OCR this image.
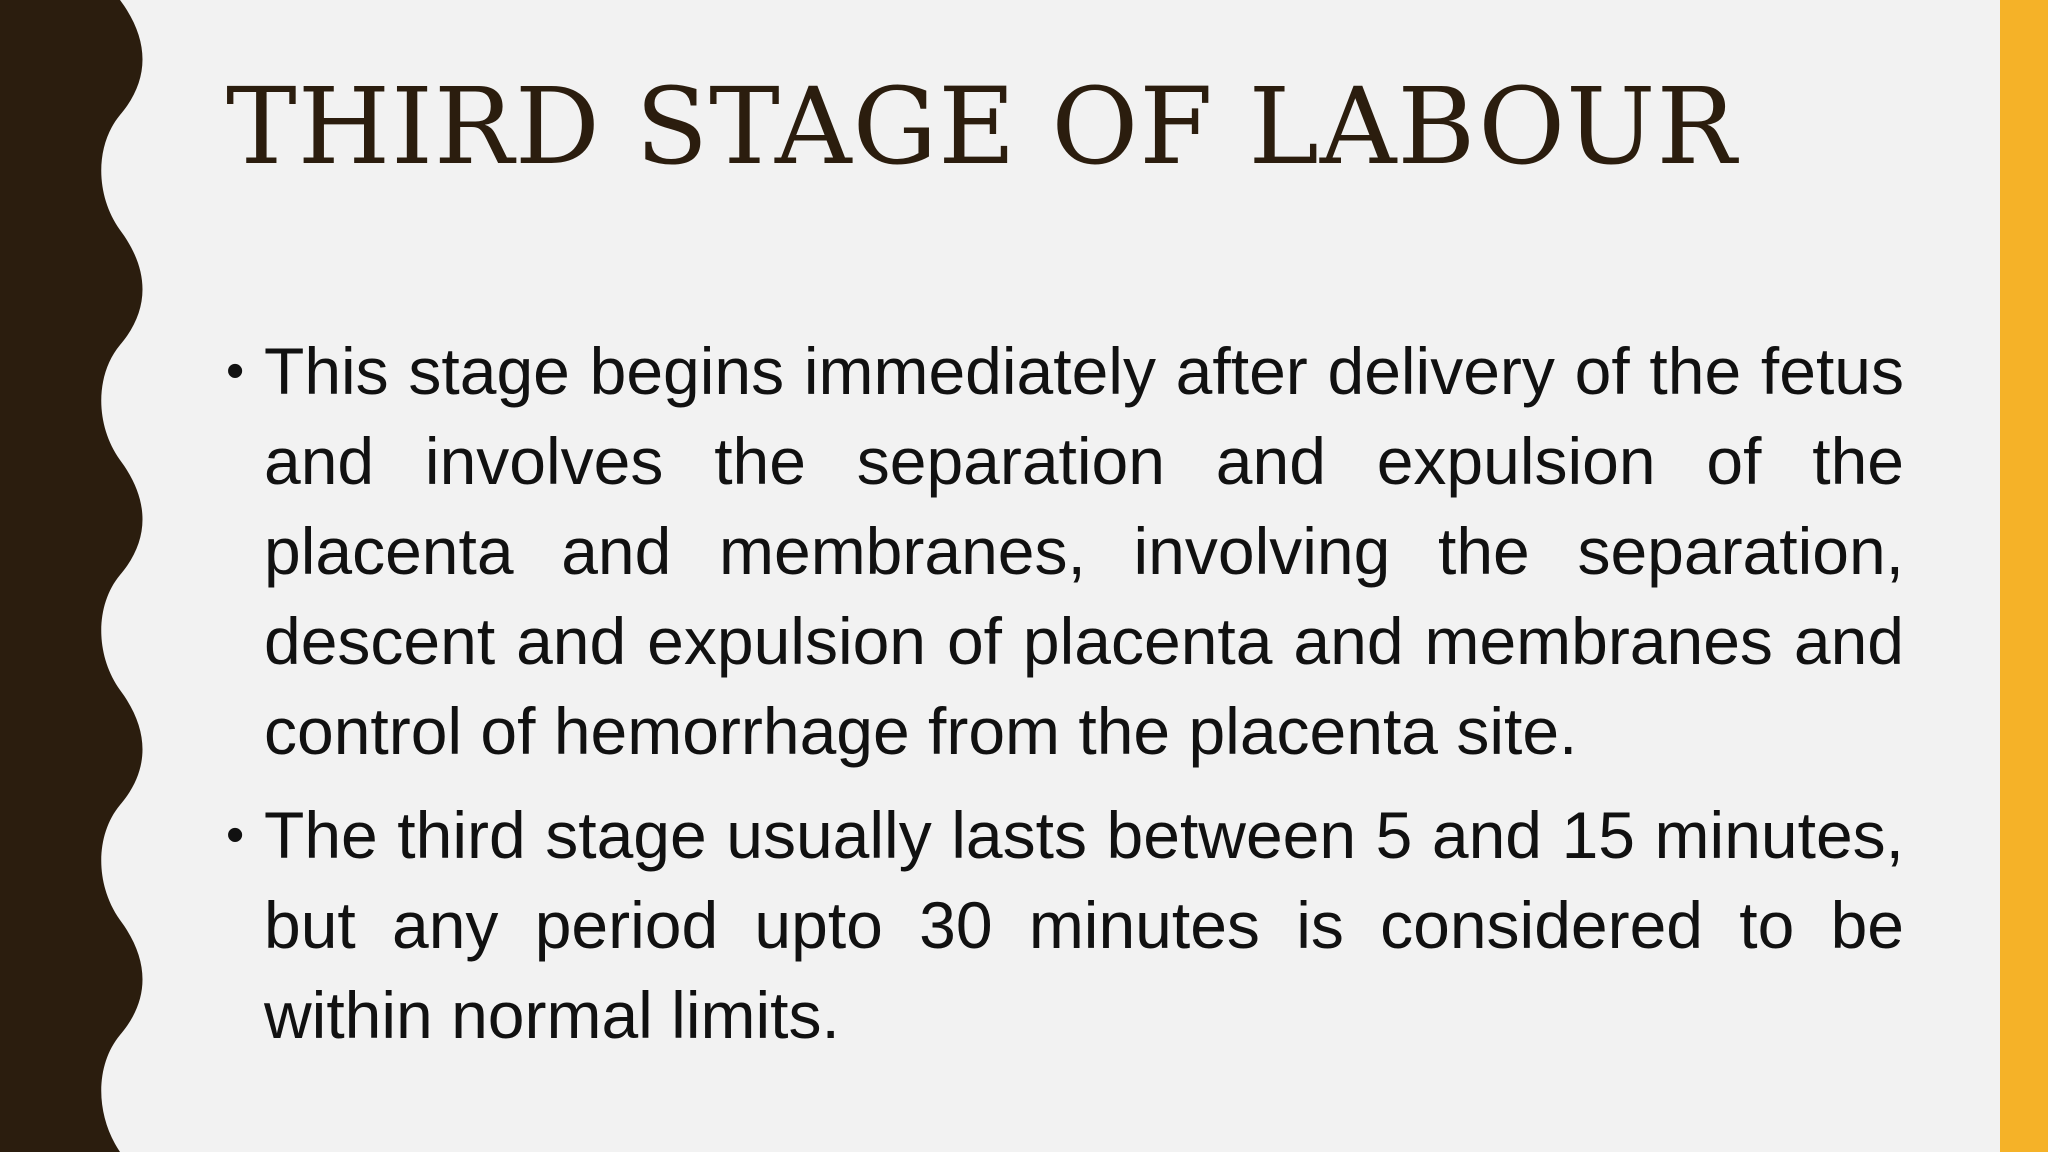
THIRD STAGE OF LABOUR
• This stage begins immediately after delivery of the fetus and involves the separation and expulsion of the placenta and membranes, involving the separation, descent and expulsion of placenta and membranes and control of hemorrhage from the placenta site.
• The third stage usually lasts between 5 and 15 minutes, but any period upto 30 minutes is considered to be within normal limits.
